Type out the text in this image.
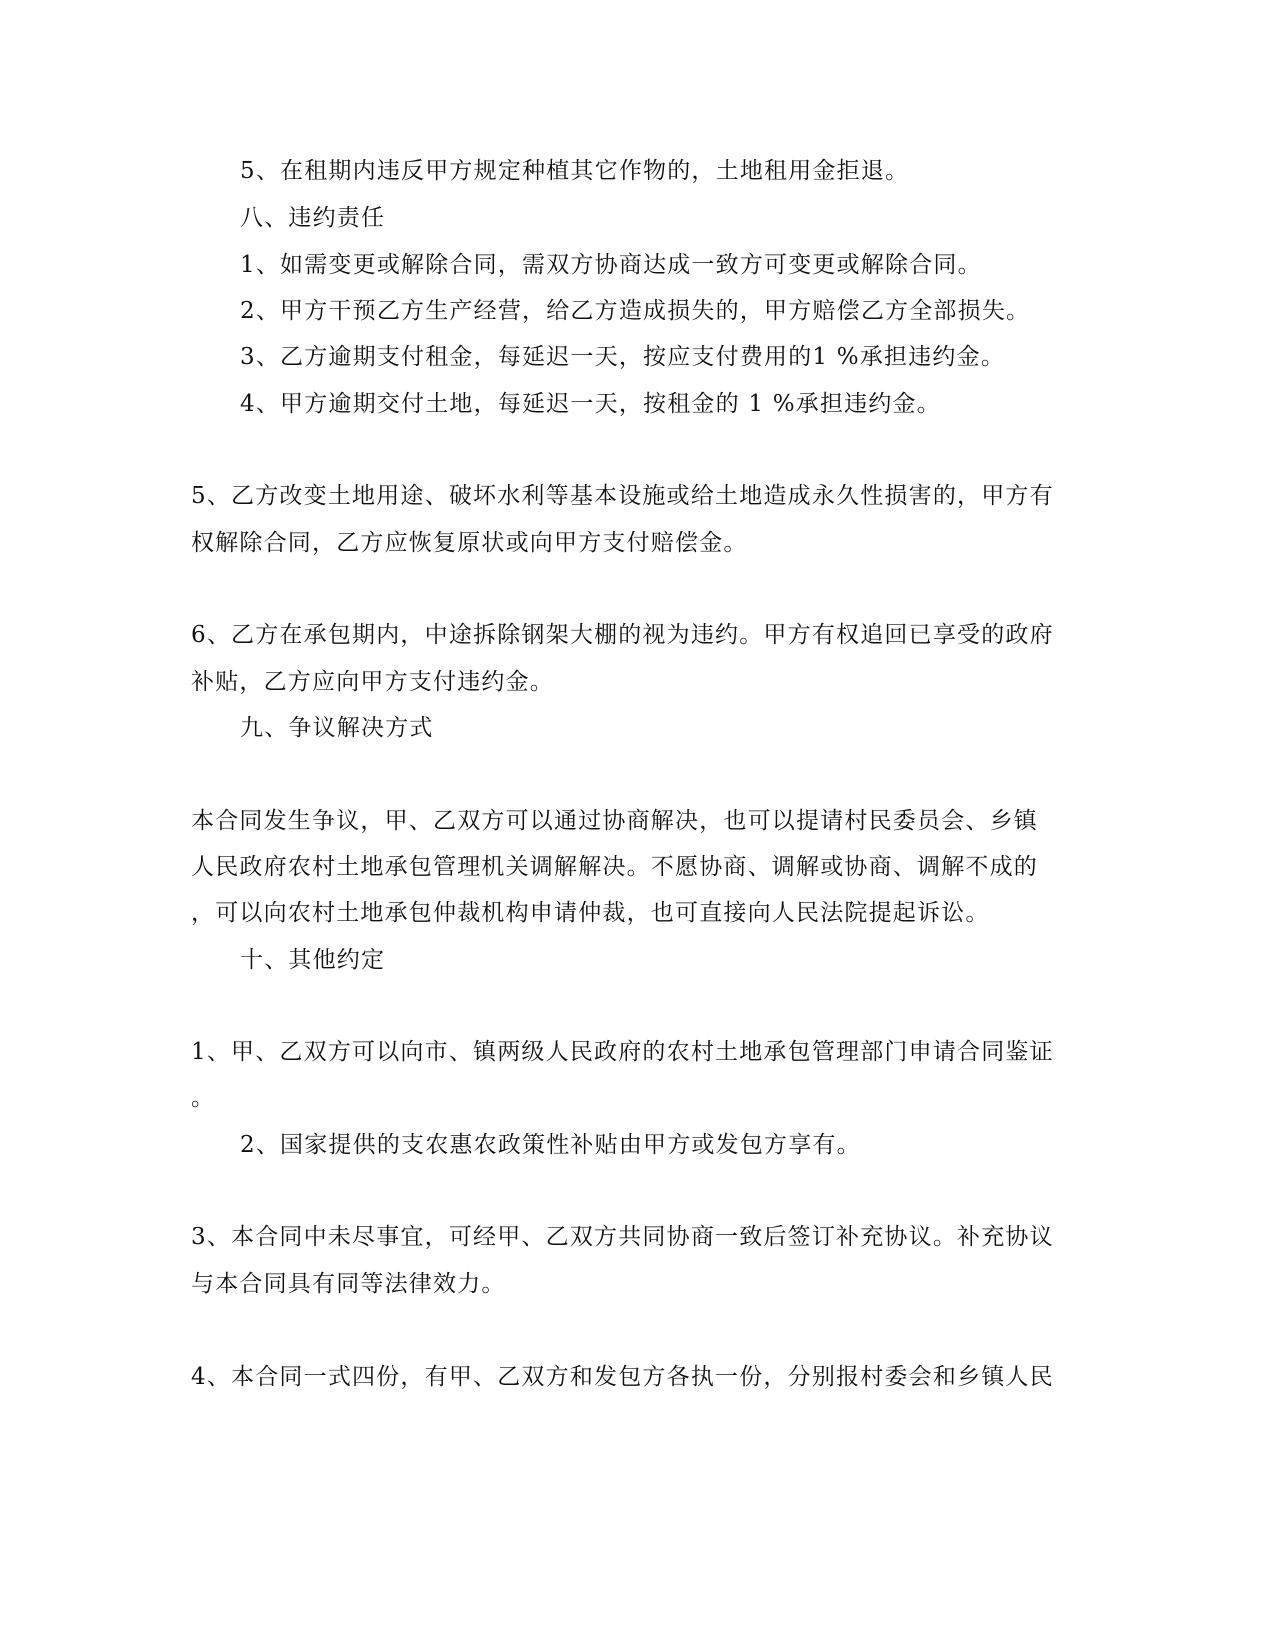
5、在租期内违反甲方规定种植其它作物的，土地租用金拒退。

八、违约责任

1、如需变更或解除合同，需双方协商达成一致方可变更或解除合同。

2、甲方干预乙方生产经营，给乙方造成损失的，甲方赔偿乙方全部损失。

3、乙方逾期支付租金，每延迟一天，按应支付费用的1 %承担违约金。

4、甲方逾期交付土地，每延迟一天，按租金的 1 %承担违约金。

5、乙方改变土地用途、破坏水利等基本设施或给土地造成永久性损害的，甲方有

权解除合同，乙方应恢复原状或向甲方支付赔偿金。

6、乙方在承包期内，中途拆除钢架大棚的视为违约。甲方有权追回已享受的政府

补贴，乙方应向甲方支付违约金。

九、争议解决方式

本合同发生争议，甲、乙双方可以通过协商解决，也可以提请村民委员会、乡镇

人民政府农村土地承包管理机关调解解决。不愿协商、调解或协商、调解不成的

，可以向农村土地承包仲裁机构申请仲裁，也可直接向人民法院提起诉讼。

十、其他约定

1、甲、乙双方可以向市、镇两级人民政府的农村土地承包管理部门申请合同鉴证

。

2、国家提供的支农惠农政策性补贴由甲方或发包方享有。

3、本合同中未尽事宜，可经甲、乙双方共同协商一致后签订补充协议。补充协议

与本合同具有同等法律效力。

4、本合同一式四份，有甲、乙双方和发包方各执一份，分别报村委会和乡镇人民
